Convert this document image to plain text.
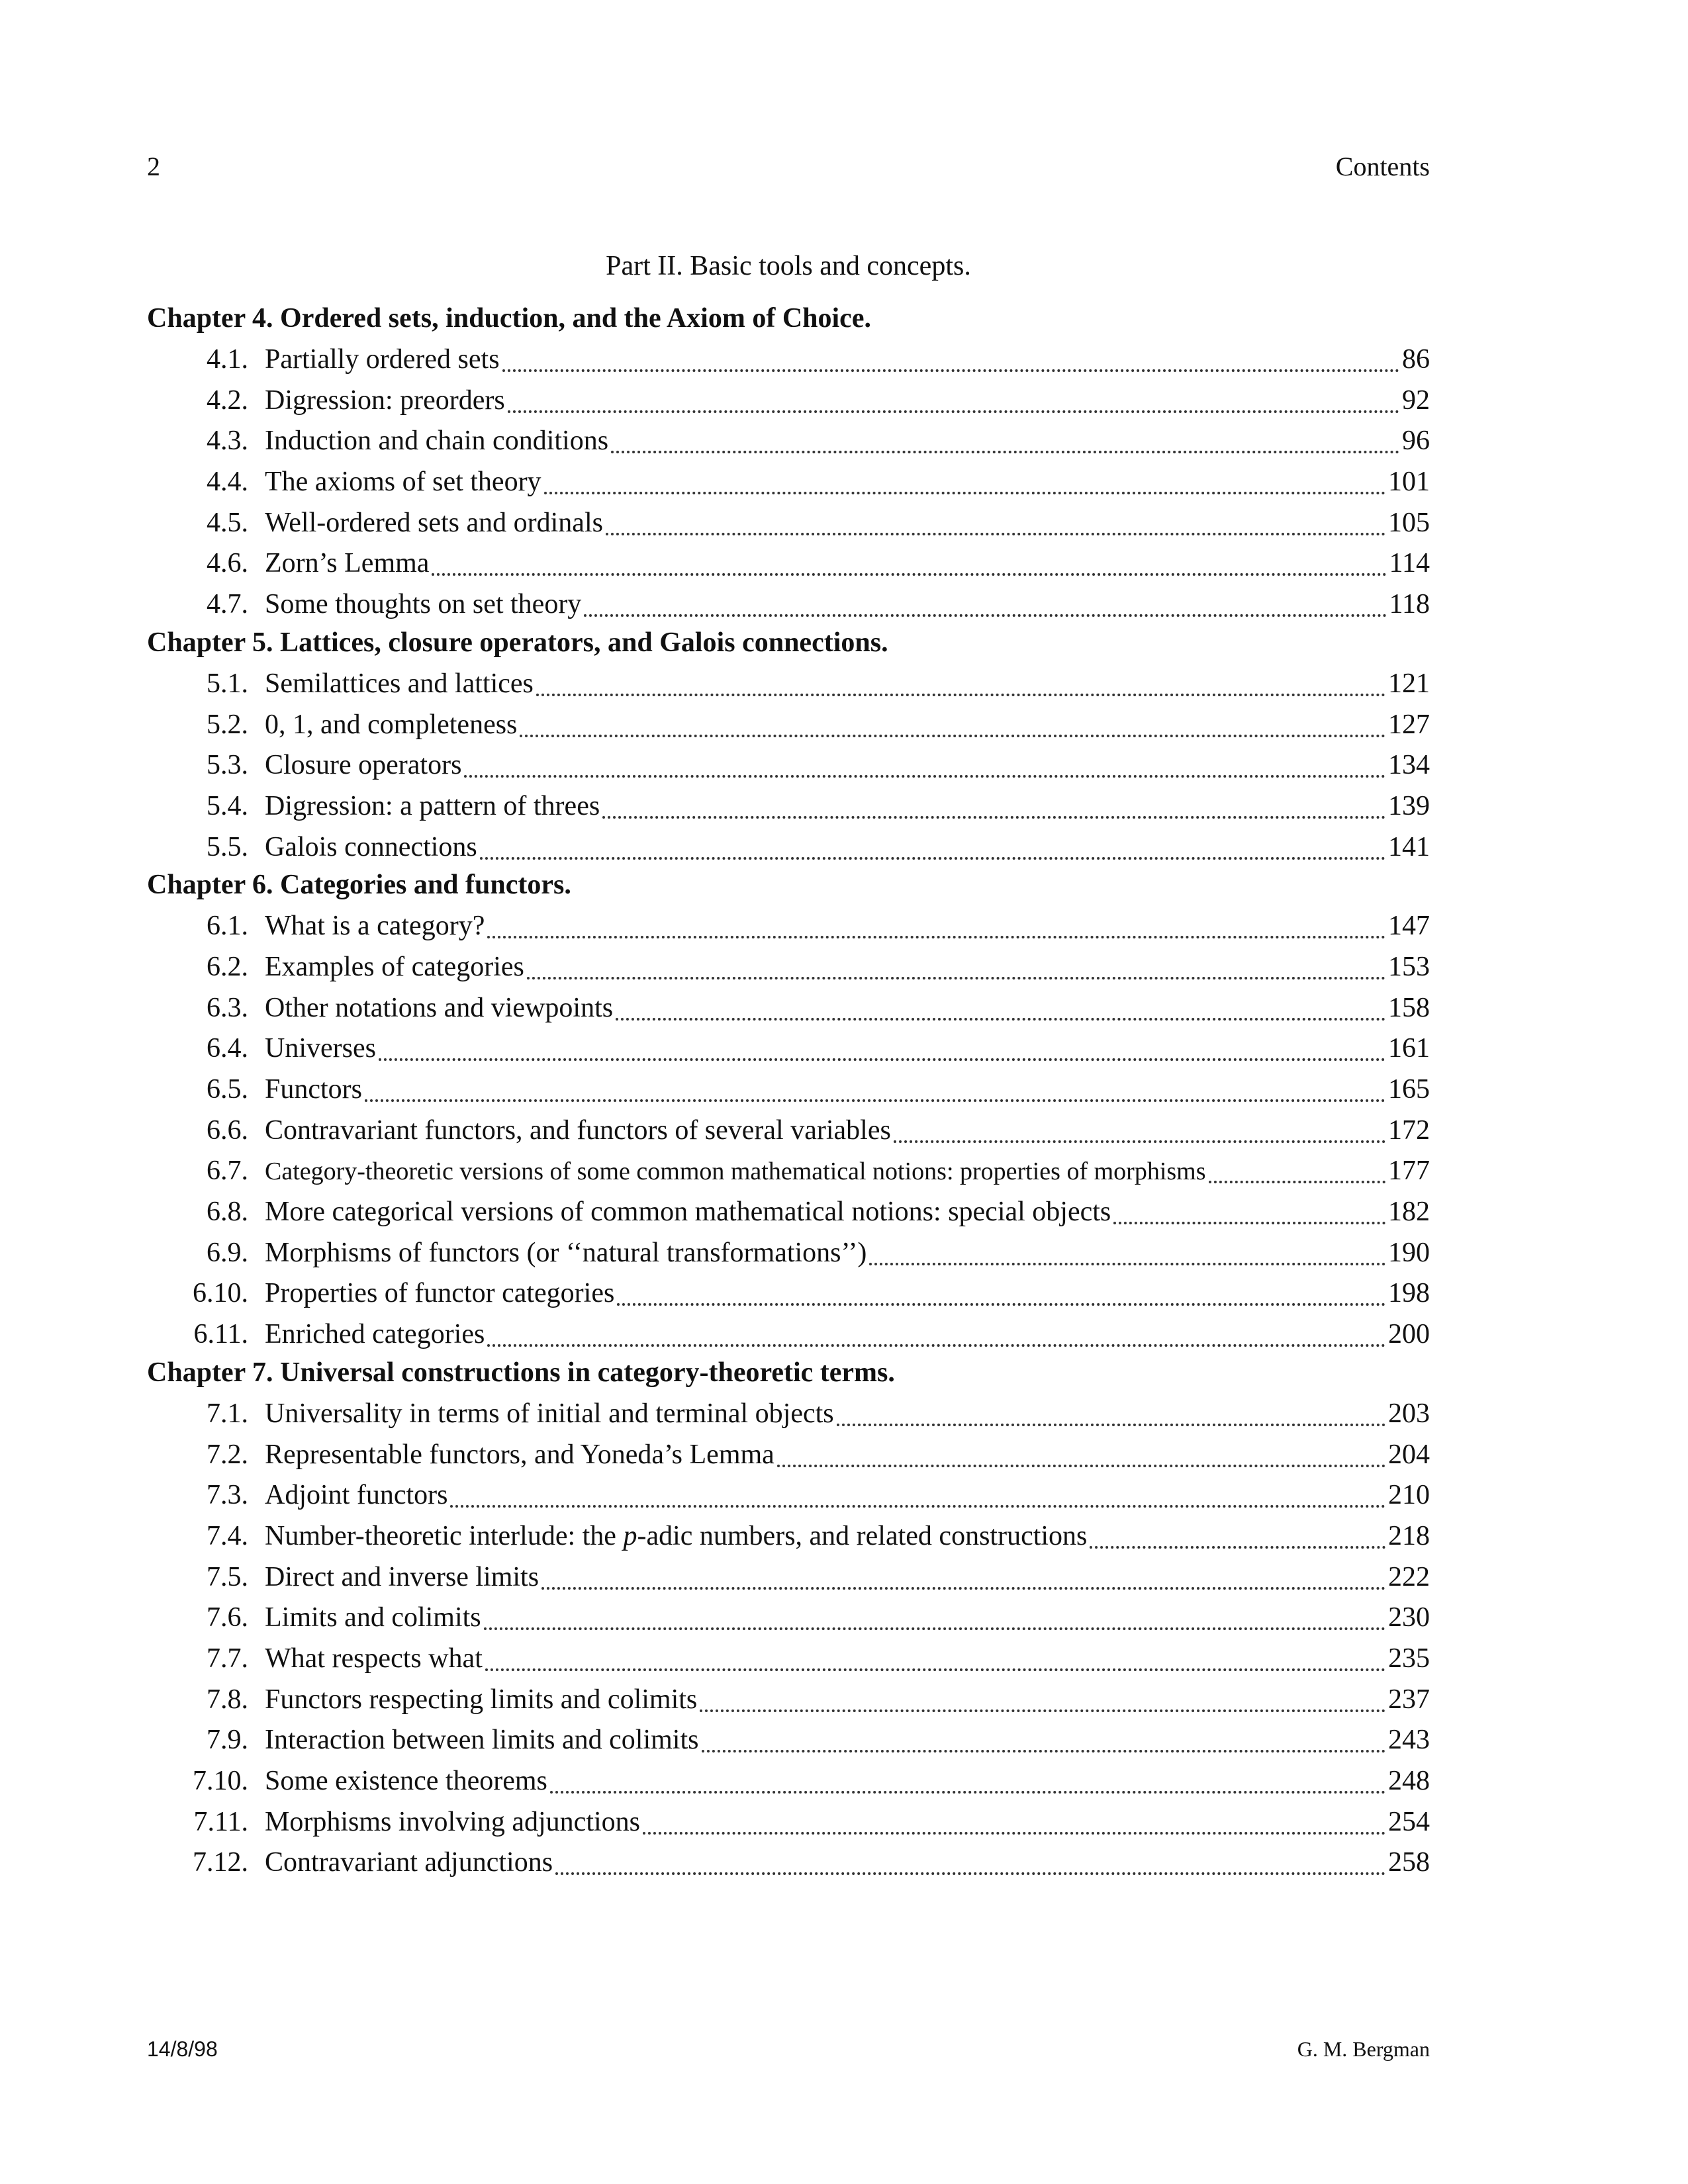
2	Contents
Part II. Basic tools and concepts.
Chapter 4. Ordered sets, induction, and the Axiom of Choice.
4.1. Partially ordered sets	86
4.2. Digression: preorders	92
4.3. Induction and chain conditions	96
4.4. The axioms of set theory	101
4.5. Well-ordered sets and ordinals	105
4.6. Zorn’s Lemma	114
4.7. Some thoughts on set theory	118
Chapter 5. Lattices, closure operators, and Galois connections.
5.1. Semilattices and lattices	121
5.2. 0, 1, and completeness	127
5.3. Closure operators	134
5.4. Digression: a pattern of threes	139
5.5. Galois connections	141
Chapter 6. Categories and functors.
6.1. What is a category?	147
6.2. Examples of categories	153
6.3. Other notations and viewpoints	158
6.4. Universes	161
6.5. Functors	165
6.6. Contravariant functors, and functors of several variables	172
6.7. Category-theoretic versions of some common mathematical notions: properties of morphisms	177
6.8. More categorical versions of common mathematical notions: special objects	182
6.9. Morphisms of functors (or ‘‘natural transformations’’)	190
6.10. Properties of functor categories	198
6.11. Enriched categories	200
Chapter 7. Universal constructions in category-theoretic terms.
7.1. Universality in terms of initial and terminal objects	203
7.2. Representable functors, and Yoneda’s Lemma	204
7.3. Adjoint functors	210
7.4. Number-theoretic interlude: the p-adic numbers, and related constructions	218
7.5. Direct and inverse limits	222
7.6. Limits and colimits	230
7.7. What respects what	235
7.8. Functors respecting limits and colimits	237
7.9. Interaction between limits and colimits	243
7.10. Some existence theorems	248
7.11. Morphisms involving adjunctions	254
7.12. Contravariant adjunctions	258
14/8/98	G. M. Bergman
